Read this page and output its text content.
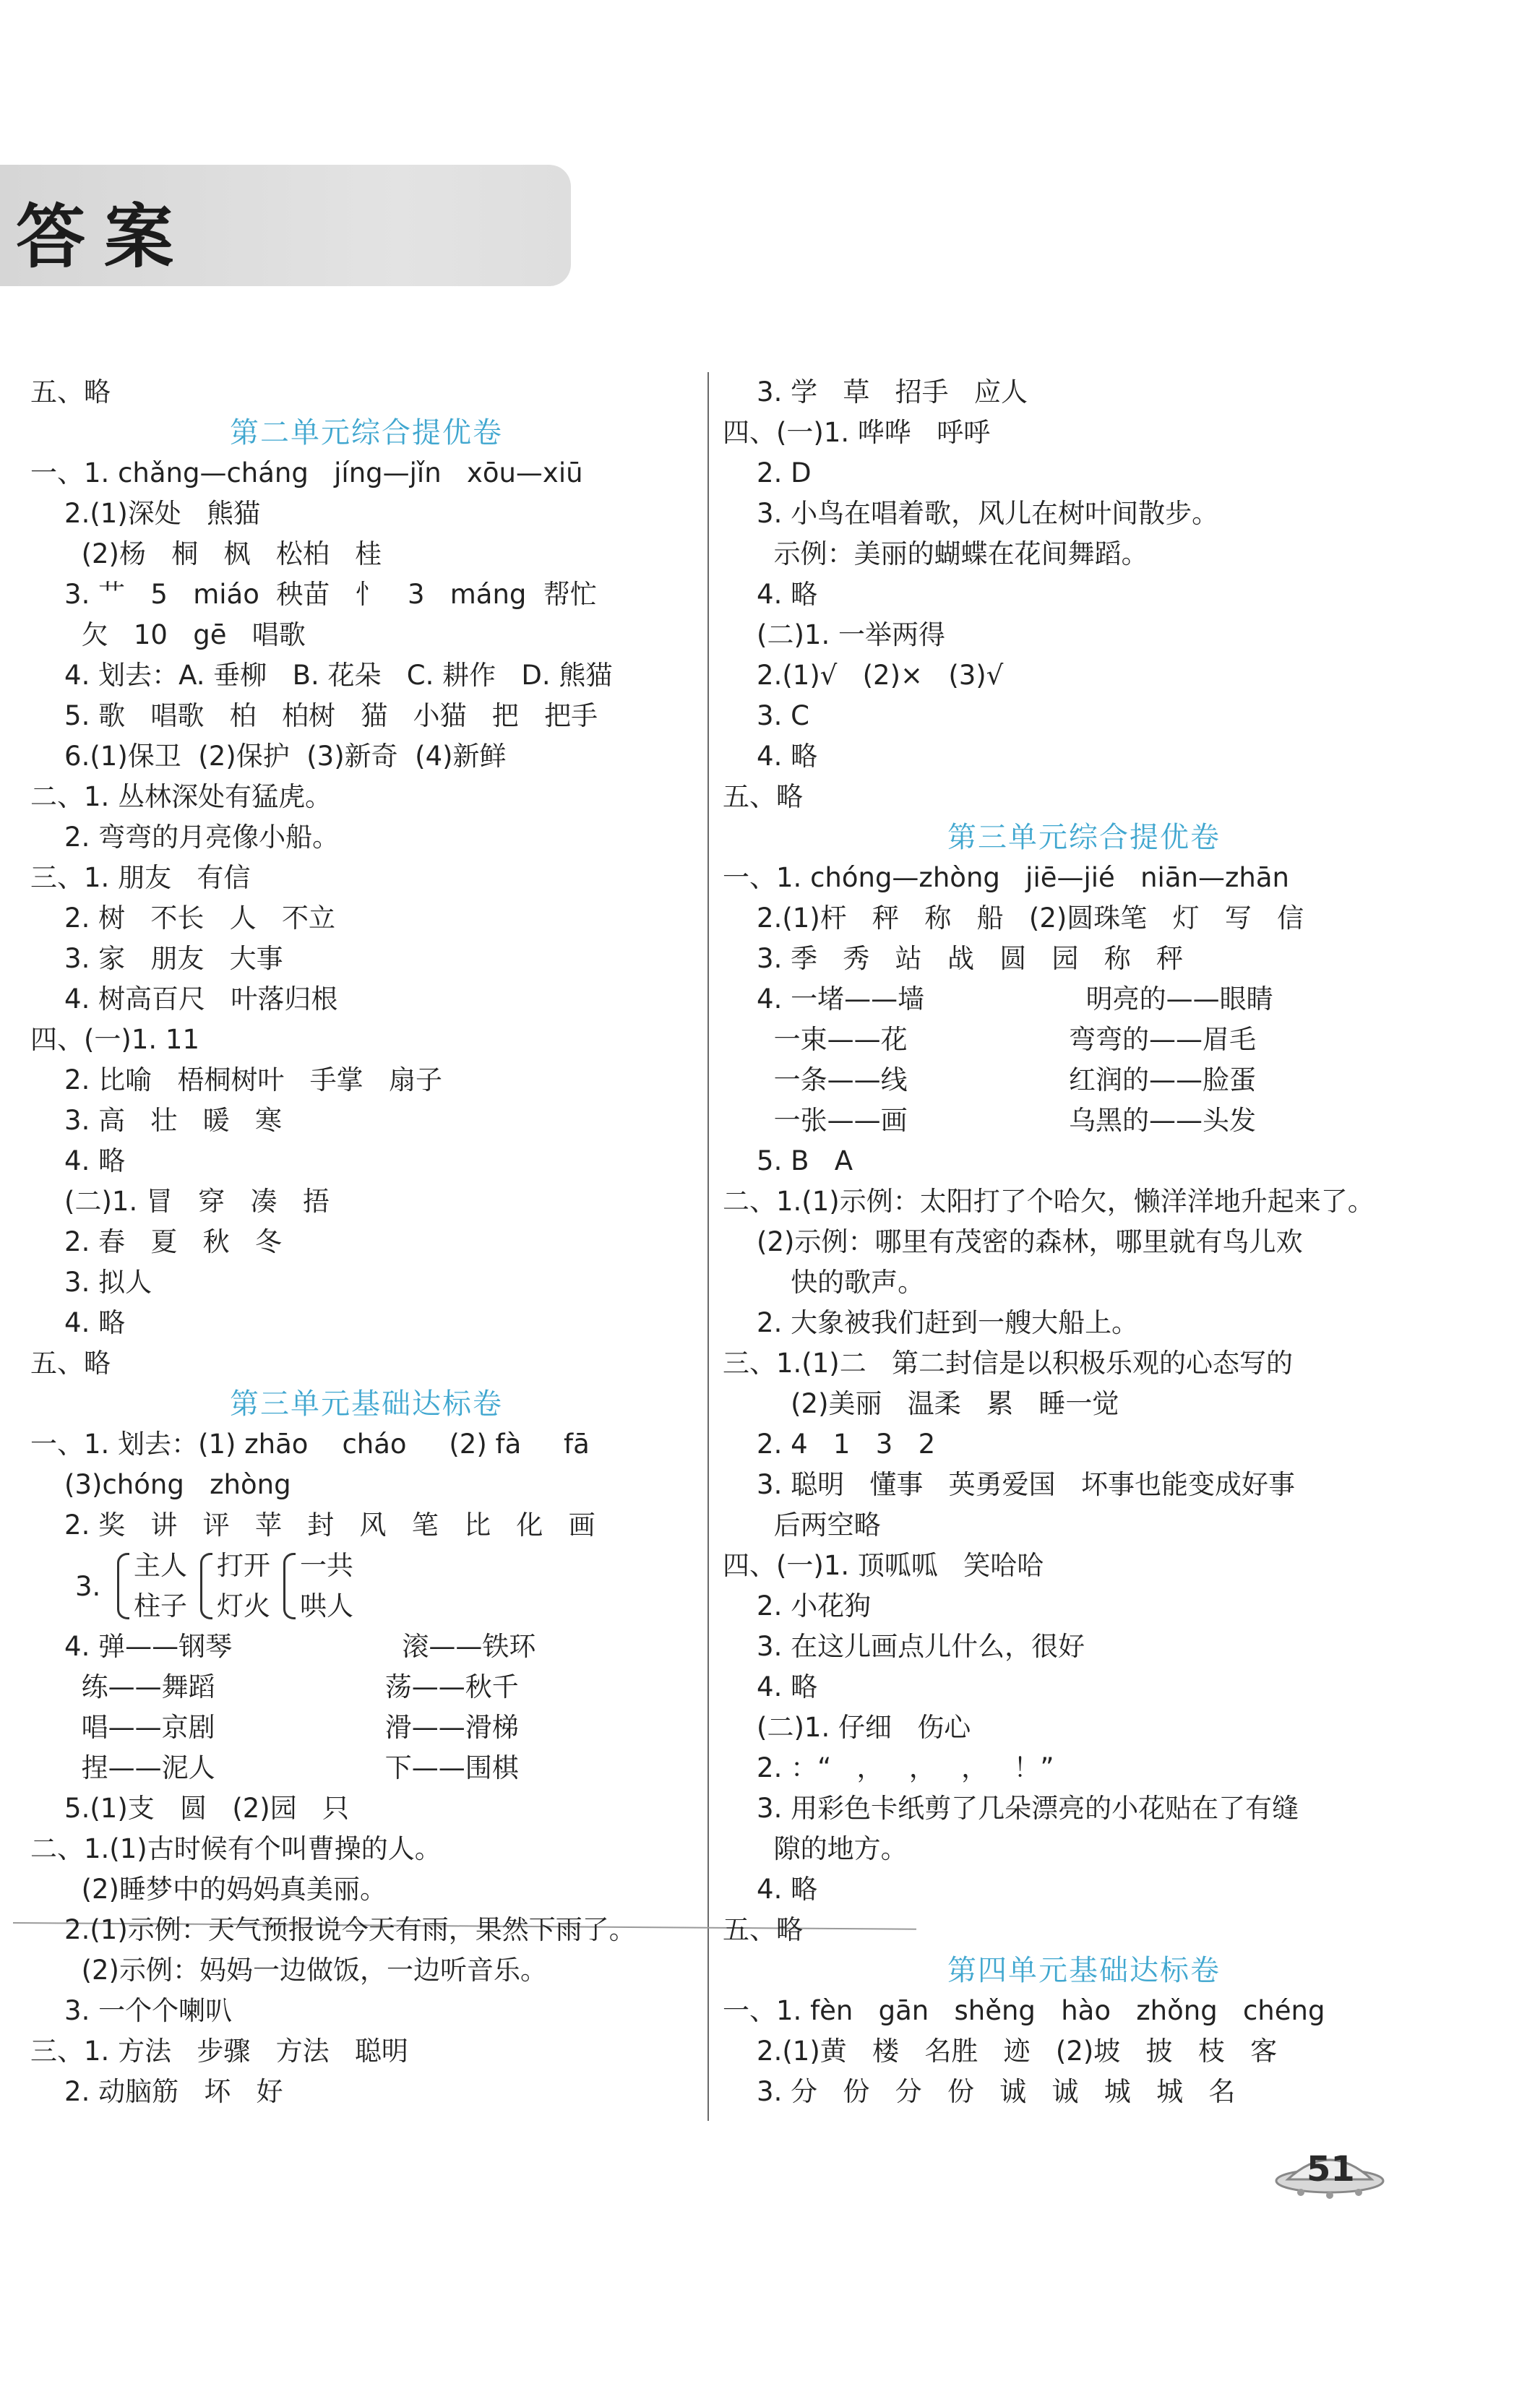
答案
五、略
第二单元综合提优卷
一、1. chǎng—cháng   jíng—jǐn   xōu—xiū
2.(1)深处   熊猫
(2)杨   桐   枫   松柏   桂
3. 艹   5   miáo  秧苗   忄   3   máng  帮忙
欠   10   gē   唱歌
4. 划去：A. 垂柳   B. 花朵   C. 耕作   D. 熊猫
5. 歌   唱歌   柏   柏树   猫   小猫   把   把手
6.(1)保卫  (2)保护  (3)新奇  (4)新鲜
二、1. 丛林深处有猛虎。
2. 弯弯的月亮像小船。
三、1. 朋友   有信
2. 树   不长   人   不立
3. 家   朋友   大事
4. 树高百尺   叶落归根
四、(一)1. 11
2. 比喻   梧桐树叶   手掌   扇子
3. 高   壮   暖   寒
4. 略
(二)1. 冒   穿   凑   捂
2. 春   夏   秋   冬
3. 拟人
4. 略
五、略
第三单元基础达标卷
一、1. 划去：(1) zhāo    cháo     (2) fà     fā
(3)chóng   zhòng
2. 奖   讲   评   苹   封   风   笔   比   化   画
3.
主人
柱子
打开
灯火
一共
哄人
4. 弹——钢琴                    滚——铁环
练——舞蹈                    荡——秋千
唱——京剧                    滑——滑梯
捏——泥人                    下——围棋
5.(1)支   圆   (2)园   只
二、1.(1)古时候有个叫曹操的人。
(2)睡梦中的妈妈真美丽。
2.(1)示例：天气预报说今天有雨，果然下雨了。
(2)示例：妈妈一边做饭，一边听音乐。
3. 一个个喇叭
三、1. 方法   步骤   方法   聪明
2. 动脑筋   坏   好
3. 学   草   招手   应人
四、(一)1. 哗哗   呼呼
2. D
3. 小鸟在唱着歌，风儿在树叶间散步。
示例：美丽的蝴蝶在花间舞蹈。
4. 略
(二)1. 一举两得
2.(1)√   (2)×   (3)√
3. C
4. 略
五、略
第三单元综合提优卷
一、1. chóng—zhòng   jiē—jié   niān—zhān
2.(1)杆   秤   称   船   (2)圆珠笔   灯   写   信
3. 季   秀   站   战   圆   园   称   秤
4. 一堵——墙                   明亮的——眼睛
一束——花                   弯弯的——眉毛
一条——线                   红润的——脸蛋
一张——画                   乌黑的——头发
5. B   A
二、1.(1)示例：太阳打了个哈欠，懒洋洋地升起来了。
(2)示例：哪里有茂密的森林，哪里就有鸟儿欢
快的歌声。
2. 大象被我们赶到一艘大船上。
三、1.(1)二   第二封信是以积极乐观的心态写的
(2)美丽   温柔   累   睡一觉
2. 4   1   3   2
3. 聪明   懂事   英勇爱国   坏事也能变成好事
后两空略
四、(一)1. 顶呱呱   笑哈哈
2. 小花狗
3. 在这儿画点儿什么，很好
4. 略
(二)1. 仔细   伤心
2. ：“   ，   ，   ，   ！”
3. 用彩色卡纸剪了几朵漂亮的小花贴在了有缝
隙的地方。
4. 略
五、略
第四单元基础达标卷
一、1. fèn   gān   shěng   hào   zhǒng   chéng
2.(1)黄   楼   名胜   迹   (2)坡   披   枝   客
3. 分   份   分   份   诚   诚   城   城   名
51
